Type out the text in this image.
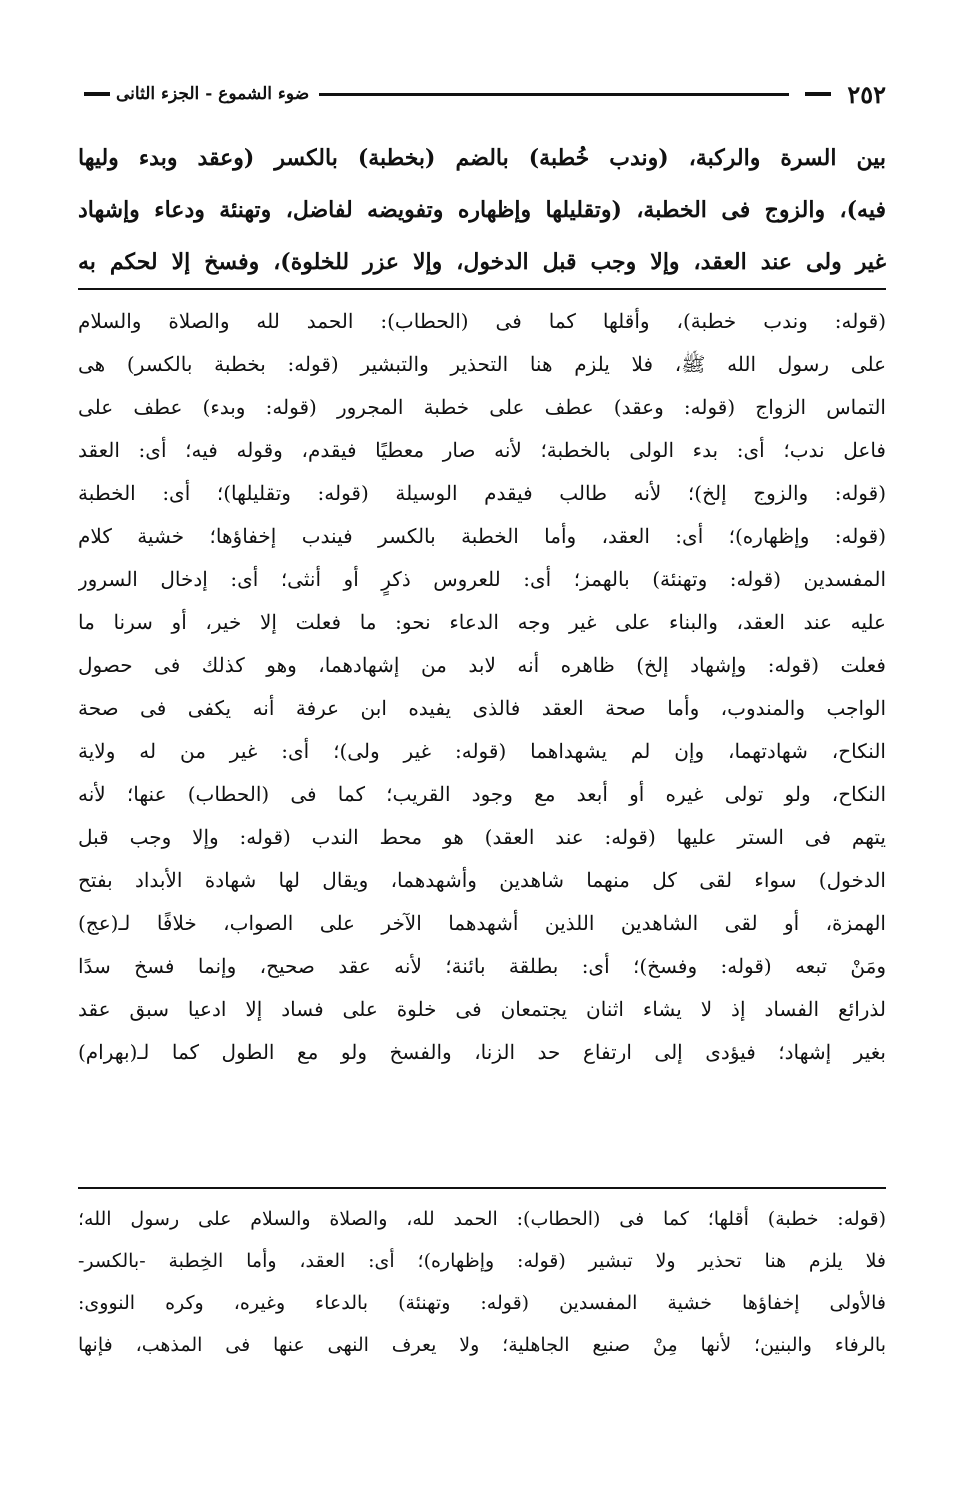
٢٥٢
ضوء الشموع - الجزء الثانى
بين السرة والركبة، (وندب خُطبة) بالضم (بخطبة) بالكسر (وعقد وبدء وليها
فيه)، والزوج فى الخطبة، (وتقليلها وإظهاره وتفويضه لفاضل، وتهنئة ودعاء وإشهاد
غير ولى عند العقد، وإلا وجب قبل الدخول، وإلا عزر للخلوة)، وفسخ إلا لحكم به
(قوله: وندب خطبة)، وأقلها كما فى (الحطاب): الحمد لله والصلاة والسلام
على رسول الله ﷺ، فلا يلزم هنا التحذير والتبشير (قوله: بخطبة بالكسر) هى
التماس الزواج (قوله: وعقد) عطف على خطبة المجرور (قوله: وبدء) عطف على
فاعل ندب؛ أى: بدء الولى بالخطبة؛ لأنه صار معطيًا فيقدم، وقوله فيه؛ أى: العقد
(قوله: والزوج إلخ)؛ لأنه طالب فيقدم الوسيلة (قوله: وتقليلها)؛ أى: الخطبة
(قوله: وإظهاره)؛ أى: العقد، وأما الخطبة بالكسر فيندب إخفاؤها؛ خشية كلام
المفسدين (قوله: وتهنئة) بالهمز؛ أى: للعروس ذكرٍ أو أنثى؛ أى: إدخال السرور
عليه عند العقد، والبناء على غير وجه الدعاء نحو: ما فعلت إلا خير، أو سرنا ما
فعلت (قوله: وإشهاد إلخ) ظاهره أنه لابد من إشهادهما، وهو كذلك فى حصول
الواجب والمندوب، وأما صحة العقد فالذى يفيده ابن عرفة أنه يكفى فى صحة
النكاح، شهادتهما، وإن لم يشهداهما (قوله: غير ولى)؛ أى: غير من له ولاية
النكاح، ولو تولى غيره أو أبعد مع وجود القريب؛ كما فى (الحطاب) عنها؛ لأنه
يتهم فى الستر عليها (قوله: عند العقد) هو محط الندب (قوله: وإلا وجب قبل
الدخول) سواء لقى كل منهما شاهدين وأشهدهما، ويقال لها شهادة الأبداد بفتح
الهمزة، أو لقى الشاهدين اللذين أشهدهما الآخر على الصواب، خلافًا لـ(عج)
ومَنْ تبعه (قوله: وفسخ)؛ أى: بطلقة بائنة؛ لأنه عقد صحيح، وإنما فسخ سدًا
لذرائع الفساد إذ لا يشاء اثنان يجتمعان فى خلوة على فساد إلا ادعيا سبق عقد
بغير إشهاد؛ فيؤدى إلى ارتفاع حد الزنا، والفسخ ولو مع الطول كما لـ(بهرام)
(قوله: خطبة) أقلها؛ كما فى (الحطاب): الحمد لله، والصلاة والسلام على رسول الله؛
فلا يلزم هنا تحذير ولا تبشير (قوله: وإظهاره)؛ أى: العقد، وأما الخِطبة -بالكسر-
فالأولى إخفاؤها خشية المفسدين (قوله: وتهنئة) بالدعاء وغيره، وكره النووى:
بالرفاء والبنين؛ لأنها مِنْ صنيع الجاهلية؛ ولا يعرف النهى عنها فى المذهب، فإنها
